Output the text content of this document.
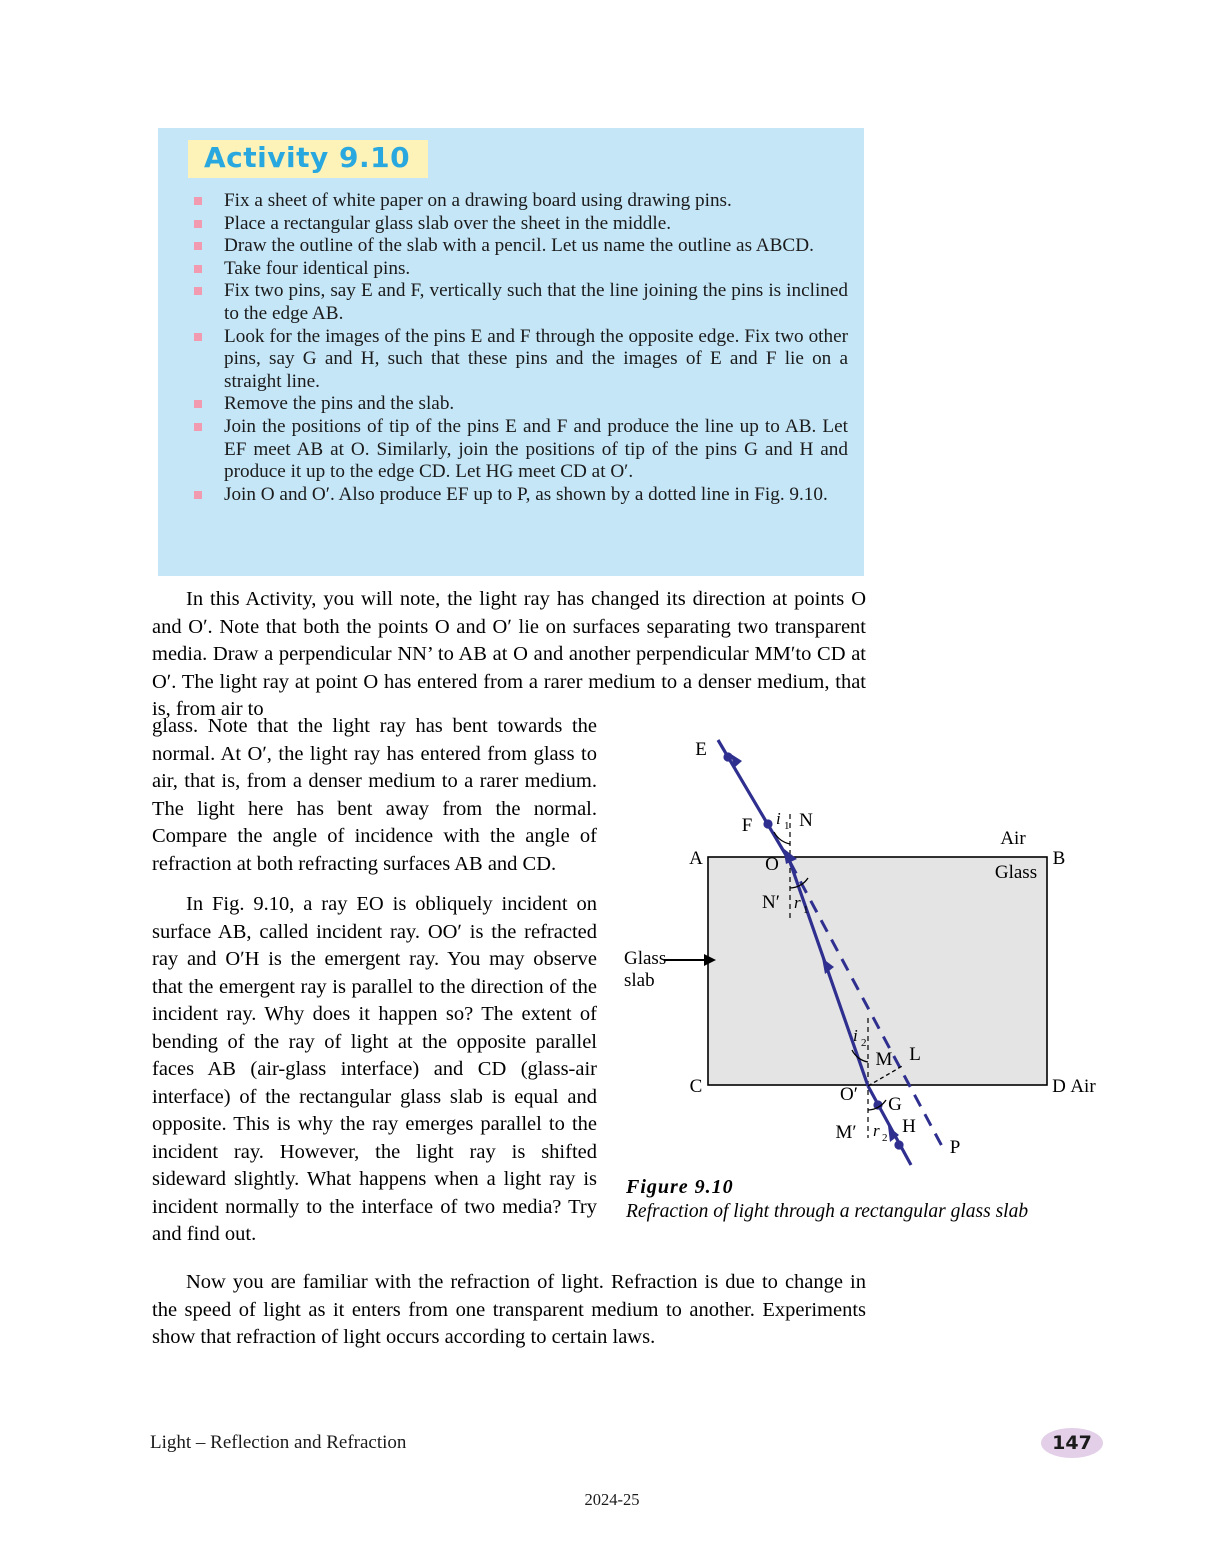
Activity 9.10
Fix a sheet of white paper on a drawing board using drawing pins.
Place a rectangular glass slab over the sheet in the middle.
Draw the outline of the slab with a pencil. Let us name the outline as ABCD.
Take four identical pins.
Fix two pins, say E and F, vertically such that the line joining the pins is inclined to the edge AB.
Look for the images of the pins E and F through the opposite edge. Fix two other pins, say G and H, such that these pins and the images of E and F lie on a straight line.
Remove the pins and the slab.
Join the positions of tip of the pins E and F and produce the line up to AB. Let EF meet AB at O. Similarly, join the positions of tip of the pins G and H and produce it up to the edge CD. Let HG meet CD at Oʹ.
Join O and Oʹ. Also produce EF up to P, as shown by a dotted line in Fig. 9.10.
In this Activity, you will note, the light ray has changed its direction at points O and Oʹ. Note that both the points O and Oʹ lie on surfaces separating two transparent media. Draw a perpendicular NN’ to AB at O and another perpendicular MMʹto CD at Oʹ. The light ray at point O has entered from a rarer medium to a denser medium, that is, from air to
glass. Note that the light ray has bent towards the normal. At Oʹ, the light ray has entered from glass to air, that is, from a denser medium to a rarer medium. The light here has bent away from the normal. Compare the angle of incidence with the angle of refraction at both refracting surfaces AB and CD.
In Fig. 9.10, a ray EO is obliquely incident on surface AB, called incident ray. OOʹ is the refracted ray and OʹH is the emergent ray. You may observe that the emergent ray is parallel to the direction of the incident ray. Why does it happen so? The extent of bending of the ray of light at the opposite parallel faces AB (air-glass interface) and CD (glass-air interface) of the rectangular glass slab is equal and opposite. This is why the ray emerges parallel to the incident ray. However, the light ray is shifted sideward slightly. What happens when a light ray is incident normally to the interface of two media? Try and find out.
Now you are familiar with the refraction of light. Refraction is due to change in the speed of light as it enters from one transparent medium to another. Experiments show that refraction of light occurs according to certain laws.
E
F N
Nʹ
A	B
C	D
O
Oʹ
M
Mʹ
L
G
H
P
Air
Glass
Air
Glass
slab
i 1
r 1
i 2
r 2
Figure 9.10
Refraction of light through a rectangular glass slab
Light – Reflection and Refraction	147
2024-25
